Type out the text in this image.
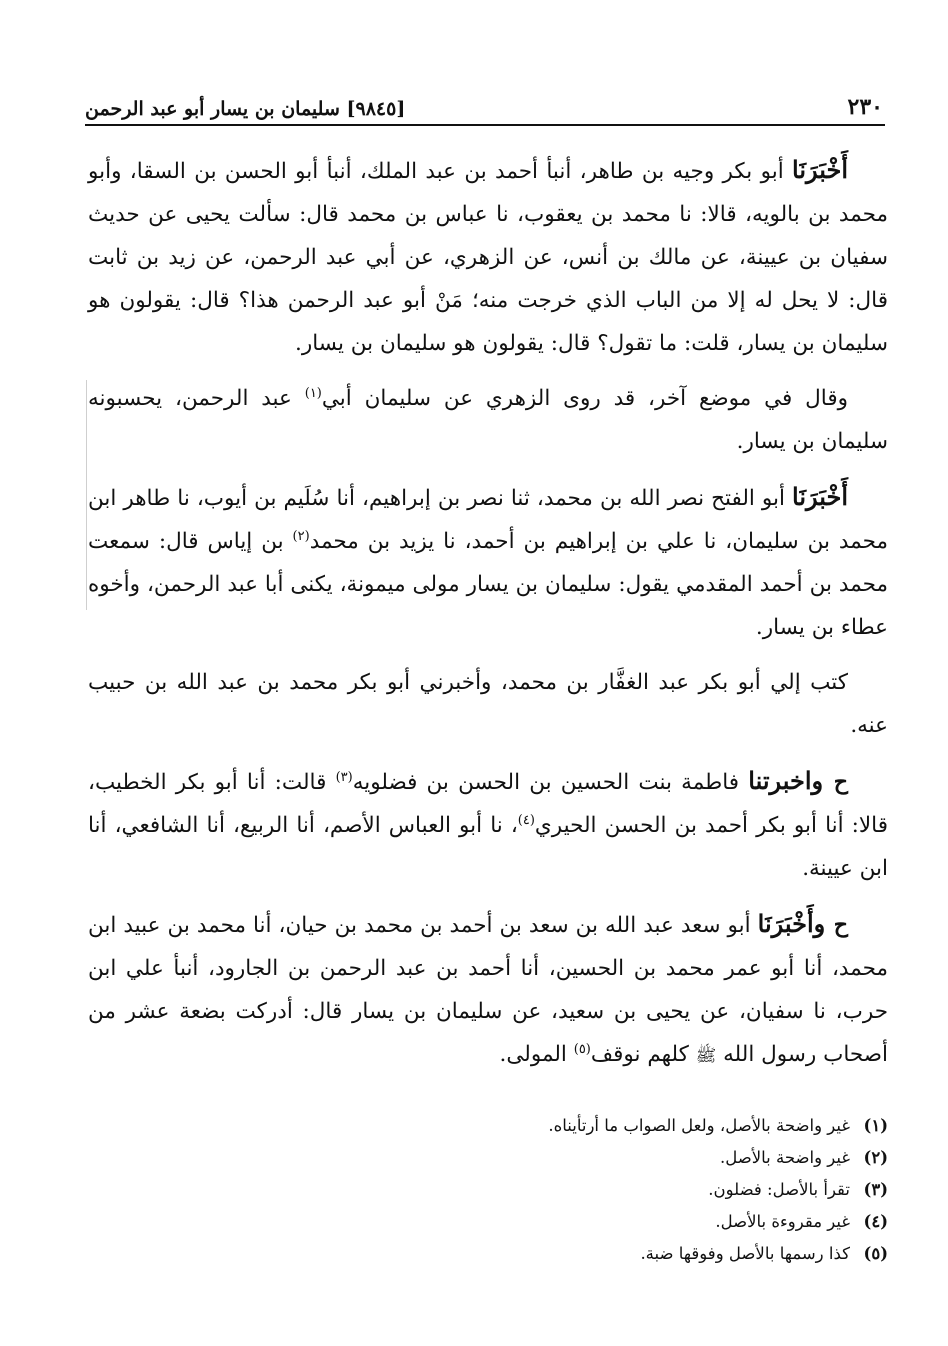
٢٣٠
[٩٨٤٥] سليمان بن يسار أبو عبد الرحمن

أَخْبَرَنَا أبو بكر وجيه بن طاهر، أنبأ أحمد بن عبد الملك، أنبأ أبو الحسن بن السقا، وأبو محمد بن بالويه، قالا: نا محمد بن يعقوب، نا عباس بن محمد قال: سألت يحيى عن حديث سفيان بن عيينة، عن مالك بن أنس، عن الزهري، عن أبي عبد الرحمن، عن زيد بن ثابت قال: لا يحل له إلا من الباب الذي خرجت منه؛ مَنْ أبو عبد الرحمن هذا؟ قال: يقولون هو سليمان بن يسار، قلت: ما تقول؟ قال: يقولون هو سليمان بن يسار.

وقال في موضع آخر، قد روى الزهري عن سليمان أبي$^{(١)}$ عبد الرحمن، يحسبونه سليمان بن يسار.

أَخْبَرَنَا أبو الفتح نصر الله بن محمد، ثنا نصر بن إبراهيم، أنا سُلَيم بن أيوب، نا طاهر ابن محمد بن سليمان، نا علي بن إبراهيم بن أحمد، نا يزيد بن محمد$^{(٢)}$ بن إياس قال: سمعت محمد بن أحمد المقدمي يقول: سليمان بن يسار مولى ميمونة، يكنى أبا عبد الرحمن، وأخوه عطاء بن يسار.

كتب إلي أبو بكر عبد الغفَّار بن محمد، وأخبرني أبو بكر محمد بن عبد الله بن حبيب عنه.

ح واخبرتنا فاطمة بنت الحسين بن الحسن بن فضلويه$^{(٣)}$ قالت: أنا أبو بكر الخطيب، قالا: أنا أبو بكر أحمد بن الحسن الحيري$^{(٤)}$، نا أبو العباس الأصم، أنا الربيع، أنا الشافعي، أنا ابن عيينة.

ح وأَخْبَرَنَا أبو سعد عبد الله بن سعد بن أحمد بن محمد بن حيان، أنا محمد بن عبيد ابن محمد، أنا أبو عمر محمد بن الحسين، أنا أحمد بن عبد الرحمن بن الجارود، أنبأ علي ابن حرب، نا سفيان، عن يحيى بن سعيد، عن سليمان بن يسار قال: أدركت بضعة عشر من أصحاب رسول الله ﷺ كلهم نوقف$^{(٥)}$ المولى.

(١)
غير واضحة بالأصل، ولعل الصواب ما أرتأيناه.
(٢)
غير واضحة بالأصل.
(٣)
تقرأ بالأصل: فضلون.
(٤)
غير مقروءة بالأصل.
(٥)
كذا رسمها بالأصل وفوقها ضبة.
